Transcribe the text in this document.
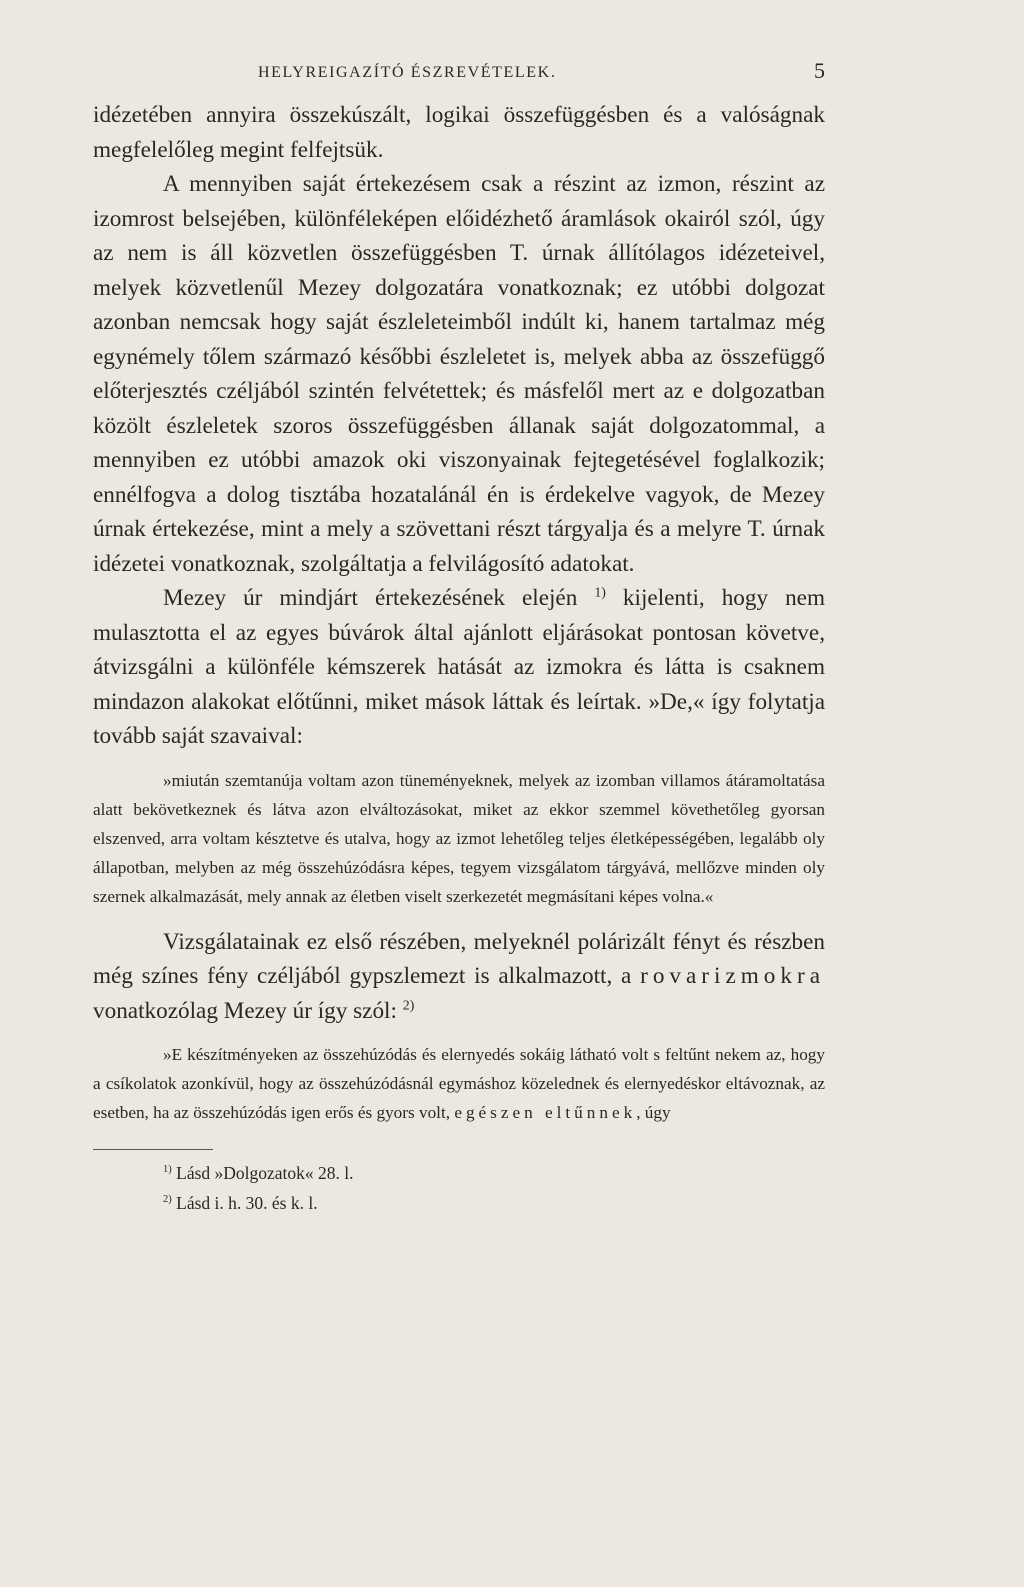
HELYREIGAZÍTÓ ÉSZREVÉTELEK.	5

idézetében annyira összekúszált, logikai összefüggésben és a valóságnak megfelelőleg megint felfejtsük.

A mennyiben saját értekezésem csak a részint az izmon, részint az izomrost belsejében, különféleképen előidézhető áramlások okairól szól, úgy az nem is áll közvetlen összefüggésben T. úrnak állítólagos idézeteivel, melyek közvetlenűl Mezey dolgozatára vonatkoznak; ez utóbbi dolgozat azonban nemcsak hogy saját észleleteimből indúlt ki, hanem tartalmaz még egynémely tőlem származó későbbi észleletet is, melyek abba az összefüggő előterjesztés czéljából szintén felvétettek; és másfelől mert az e dolgozatban közölt észleletek szoros összefüggésben állanak saját dolgozatommal, a mennyiben ez utóbbi amazok oki viszonyainak fejtegetésével foglalkozik; ennélfogva a dolog tisztába hozatalánál én is érdekelve vagyok, de Mezey úrnak értekezése, mint a mely a szövettani részt tárgyalja és a melyre T. úrnak idézetei vonatkoznak, szolgáltatja a felvilágosító adatokat.

Mezey úr mindjárt értekezésének elején $^{1)}$ kijelenti, hogy nem mulasztotta el az egyes búvárok által ajánlott eljárásokat pontosan követve, átvizsgálni a különféle kémszerek hatását az izmokra és látta is csaknem mindazon alakokat előtűnni, miket mások láttak és leírtak. »De,« így folytatja tovább saját szavaival:

»miután szemtanúja voltam azon tüneményeknek, melyek az izomban villamos átáramoltatása alatt bekövetkeznek és látva azon elváltozásokat, miket az ekkor szemmel követhetőleg gyorsan elszenved, arra voltam késztetve és utalva, hogy az izmot lehetőleg teljes életképességében, legalább oly állapotban, melyben az még összehúzódásra képes, tegyem vizsgálatom tárgyává, mellőzve minden oly szernek alkalmazását, mely annak az életben viselt szerkezetét megmásítani képes volna.«

Vizsgálatainak ez első részében, melyeknél polárizált fényt és részben még színes fény czéljából gypszlemezt is alkalmazott, a rovarizmokra vonatkozólag Mezey úr így szól: $^{2)}$

»E készítményeken az összehúzódás és elernyedés sokáig látható volt s feltűnt nekem az, hogy a csíkolatok azonkívül, hogy az összehúzódásnál egymáshoz közelednek és elernyedéskor eltávoznak, az esetben, ha az összehúzódás igen erős és gyors volt, egészen eltűnnek, úgy

$^{1)}$ Lásd »Dolgozatok« 28. l.

$^{2)}$ Lásd i. h. 30. és k. l.
